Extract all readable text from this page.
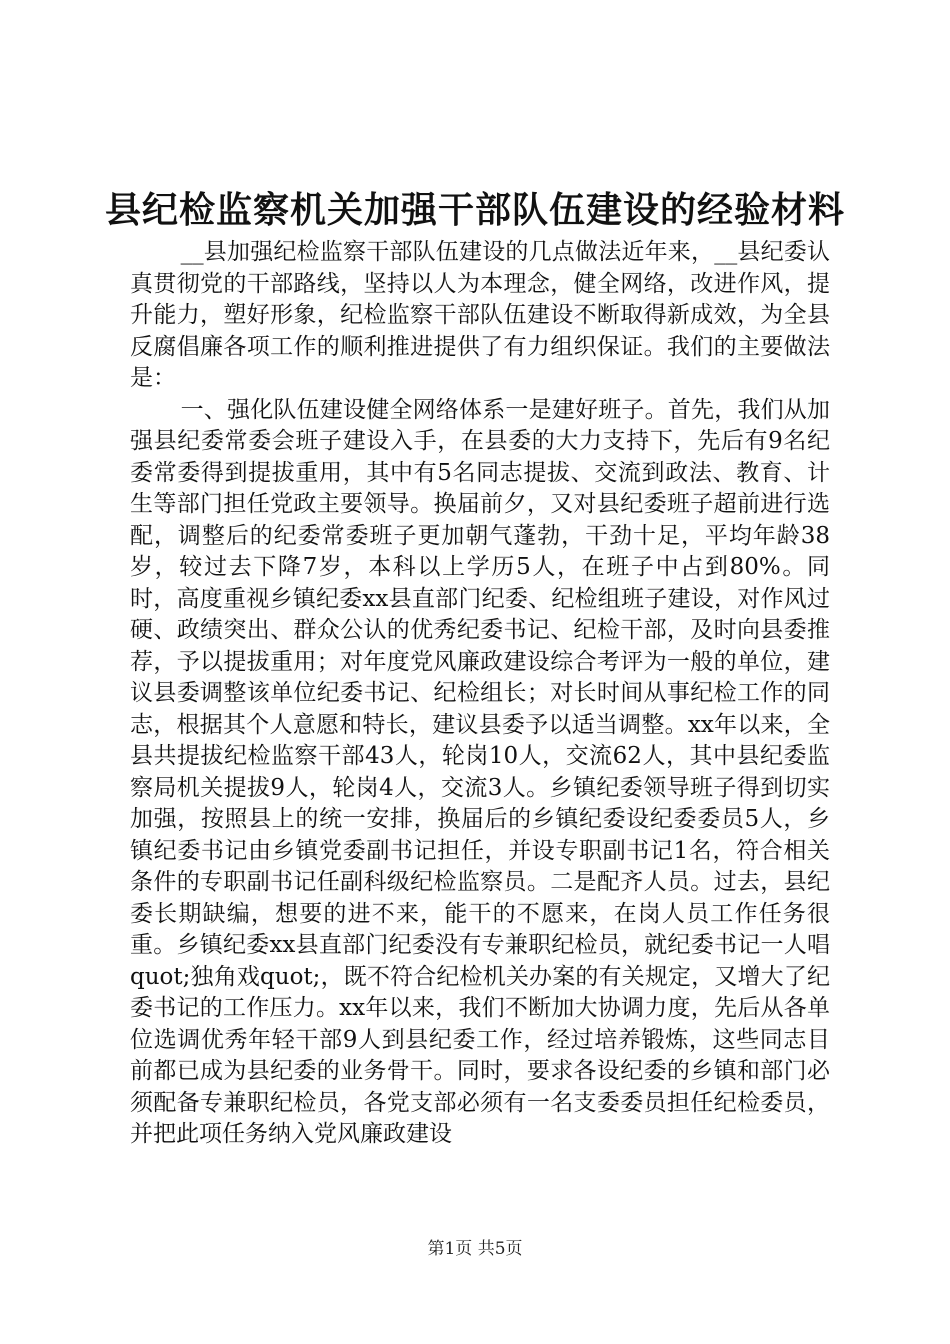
县纪检监察机关加强干部队伍建设的经验材料

__县加强纪检监察干部队伍建设的几点做法近年来，__县纪委认真贯彻党的干部路线，坚持以人为本理念，健全网络，改进作风，提升能力，塑好形象，纪检监察干部队伍建设不断取得新成效，为全县反腐倡廉各项工作的顺利推进提供了有力组织保证。我们的主要做法是：

一、强化队伍建设健全网络体系一是建好班子。首先，我们从加强县纪委常委会班子建设入手，在县委的大力支持下，先后有9名纪委常委得到提拔重用，其中有5名同志提拔、交流到政法、教育、计生等部门担任党政主要领导。换届前夕，又对县纪委班子超前进行选配，调整后的纪委常委班子更加朝气蓬勃，干劲十足，平均年龄38岁，较过去下降7岁，本科以上学历5人，在班子中占到80%。同时，高度重视乡镇纪委xx县直部门纪委、纪检组班子建设，对作风过硬、政绩突出、群众公认的优秀纪委书记、纪检干部，及时向县委推荐，予以提拔重用；对年度党风廉政建设综合考评为一般的单位，建议县委调整该单位纪委书记、纪检组长；对长时间从事纪检工作的同志，根据其个人意愿和特长，建议县委予以适当调整。xx年以来，全县共提拔纪检监察干部43人，轮岗10人，交流62人，其中县纪委监察局机关提拔9人，轮岗4人，交流3人。乡镇纪委领导班子得到切实加强，按照县上的统一安排，换届后的乡镇纪委设纪委委员5人，乡镇纪委书记由乡镇党委副书记担任，并设专职副书记1名，符合相关条件的专职副书记任副科级纪检监察员。二是配齐人员。过去，县纪委长期缺编，想要的进不来，能干的不愿来，在岗人员工作任务很重。乡镇纪委xx县直部门纪委没有专兼职纪检员，就纪委书记一人唱quot;独角戏quot;，既不符合纪检机关办案的有关规定，又增大了纪委书记的工作压力。xx年以来，我们不断加大协调力度，先后从各单位选调优秀年轻干部9人到县纪委工作，经过培养锻炼，这些同志目前都已成为县纪委的业务骨干。同时，要求各设纪委的乡镇和部门必须配备专兼职纪检员，各党支部必须有一名支委委员担任纪检委员，并把此项任务纳入党风廉政建设

第1页 共5页
